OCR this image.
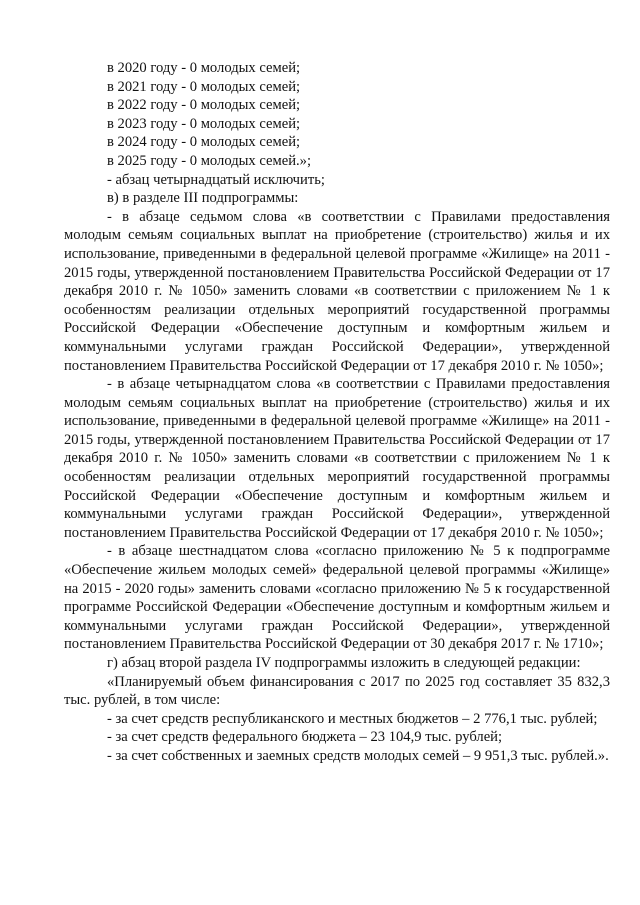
в 2020 году - 0 молодых семей;

в 2021 году - 0 молодых семей;

в 2022 году - 0 молодых семей;

в 2023 году - 0 молодых семей;

в 2024 году - 0 молодых семей;

в 2025 году - 0 молодых семей.»;

- абзац четырнадцатый исключить;

в) в разделе III подпрограммы:

- в абзаце седьмом слова «в соответствии с Правилами предоставления молодым семьям социальных выплат на приобретение (строительство) жилья и их использование, приведенными в федеральной целевой программе «Жилище» на 2011 - 2015 годы, утвержденной постановлением Правительства Российской Федерации от 17 декабря 2010 г. № 1050» заменить словами «в соответствии с приложением № 1 к особенностям реализации отдельных мероприятий государственной программы Российской Федерации «Обеспечение доступным и комфортным жильем и коммунальными услугами граждан Российской Федерации», утвержденной постановлением Правительства Российской Федерации от 17 декабря 2010 г. № 1050»;

- в абзаце четырнадцатом слова «в соответствии с Правилами предоставления молодым семьям социальных выплат на приобретение (строительство) жилья и их использование, приведенными в федеральной целевой программе «Жилище» на 2011 - 2015 годы, утвержденной постановлением Правительства Российской Федерации от 17 декабря 2010 г. № 1050» заменить словами «в соответствии с приложением № 1 к особенностям реализации отдельных мероприятий государственной программы Российской Федерации «Обеспечение доступным и комфортным жильем и коммунальными услугами граждан Российской Федерации», утвержденной постановлением Правительства Российской Федерации от 17 декабря 2010 г. № 1050»;

- в абзаце шестнадцатом слова «согласно приложению № 5 к подпрограмме «Обеспечение жильем молодых семей» федеральной целевой программы «Жилище» на 2015 - 2020 годы» заменить словами «согласно приложению № 5 к государственной программе Российской Федерации «Обеспечение доступным и комфортным жильем и коммунальными услугами граждан Российской Федерации», утвержденной постановлением Правительства Российской Федерации от 30 декабря 2017 г. № 1710»;

г) абзац второй раздела IV подпрограммы изложить в следующей редакции:

«Планируемый объем финансирования с 2017 по 2025 год составляет 35 832,3 тыс. рублей, в том числе:

- за счет средств республиканского и местных бюджетов – 2 776,1 тыс. рублей;

- за счет средств федерального бюджета – 23 104,9 тыс. рублей;

- за счет собственных и заемных средств молодых семей – 9 951,3 тыс. рублей.».
